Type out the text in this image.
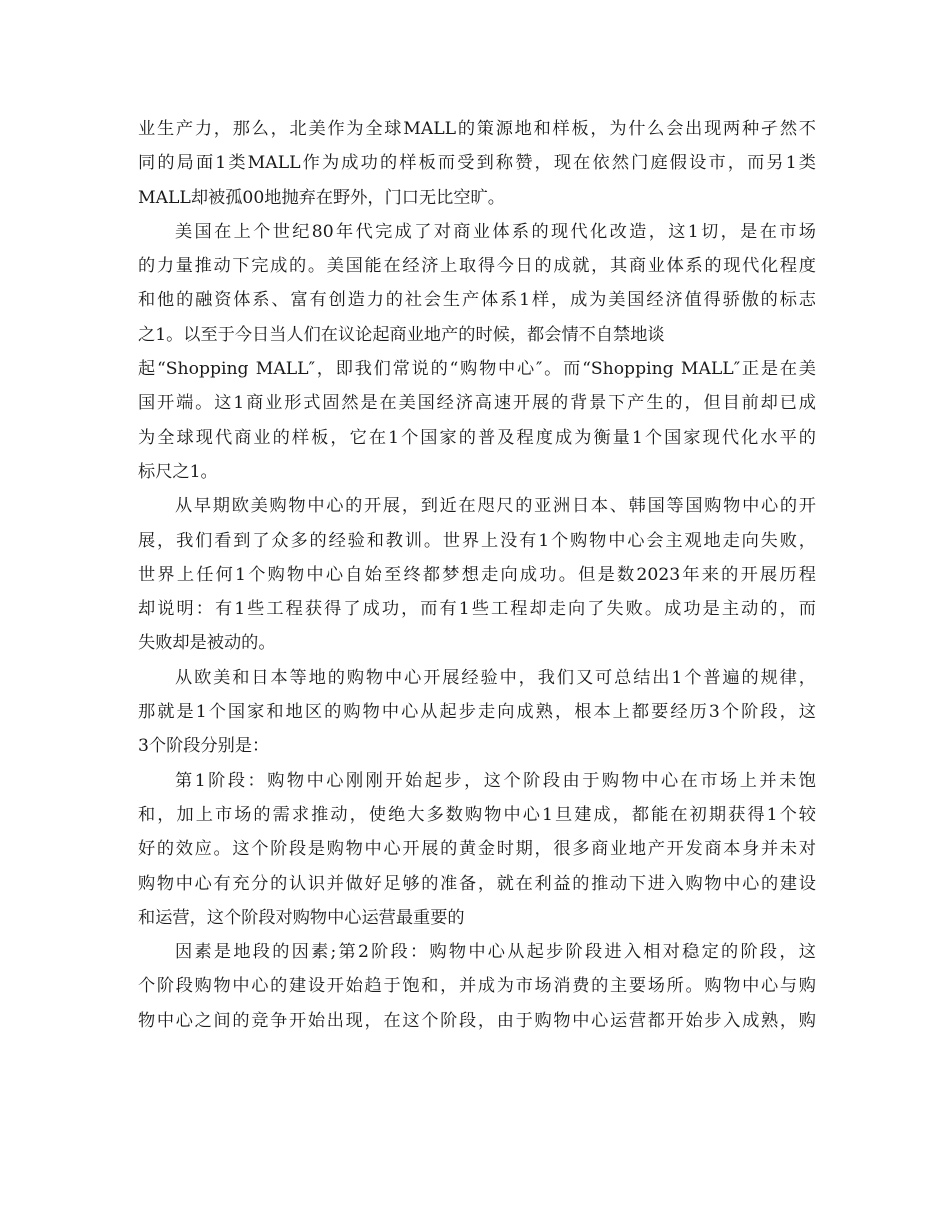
业生产力，那么，北美作为全球MALL的策源地和样板，为什么会出现两种孑然不
同的局面1类MALL作为成功的样板而受到称赞，现在依然门庭假设市，而另1类
MALL却被孤00地抛弃在野外，门口无比空旷。
美国在上个世纪80年代完成了对商业体系的现代化改造，这1切，是在市场
的力量推动下完成的。美国能在经济上取得今日的成就，其商业体系的现代化程度
和他的融资体系、富有创造力的社会生产体系1样，成为美国经济值得骄傲的标志
之1。以至于今日当人们在议论起商业地产的时候，都会情不自禁地谈
起“Shopping MALL″，即我们常说的“购物中心″。而“Shopping MALL″正是在美
国开端。这1商业形式固然是在美国经济高速开展的背景下产生的，但目前却已成
为全球现代商业的样板，它在1个国家的普及程度成为衡量1个国家现代化水平的
标尺之1。
从早期欧美购物中心的开展，到近在咫尺的亚洲日本、韩国等国购物中心的开
展，我们看到了众多的经验和教训。世界上没有1个购物中心会主观地走向失败，
世界上任何1个购物中心自始至终都梦想走向成功。但是数2023年来的开展历程
却说明：有1些工程获得了成功，而有1些工程却走向了失败。成功是主动的，而
失败却是被动的。
从欧美和日本等地的购物中心开展经验中，我们又可总结出1个普遍的规律，
那就是1个国家和地区的购物中心从起步走向成熟，根本上都要经历3个阶段，这
3个阶段分别是：
第1阶段：购物中心刚刚开始起步，这个阶段由于购物中心在市场上并未饱
和，加上市场的需求推动，使绝大多数购物中心1旦建成，都能在初期获得1个较
好的效应。这个阶段是购物中心开展的黄金时期，很多商业地产开发商本身并未对
购物中心有充分的认识并做好足够的准备，就在利益的推动下进入购物中心的建设
和运营，这个阶段对购物中心运营最重要的
因素是地段的因素;第2阶段：购物中心从起步阶段进入相对稳定的阶段，这
个阶段购物中心的建设开始趋于饱和，并成为市场消费的主要场所。购物中心与购
物中心之间的竞争开始出现，在这个阶段，由于购物中心运营都开始步入成熟，购
